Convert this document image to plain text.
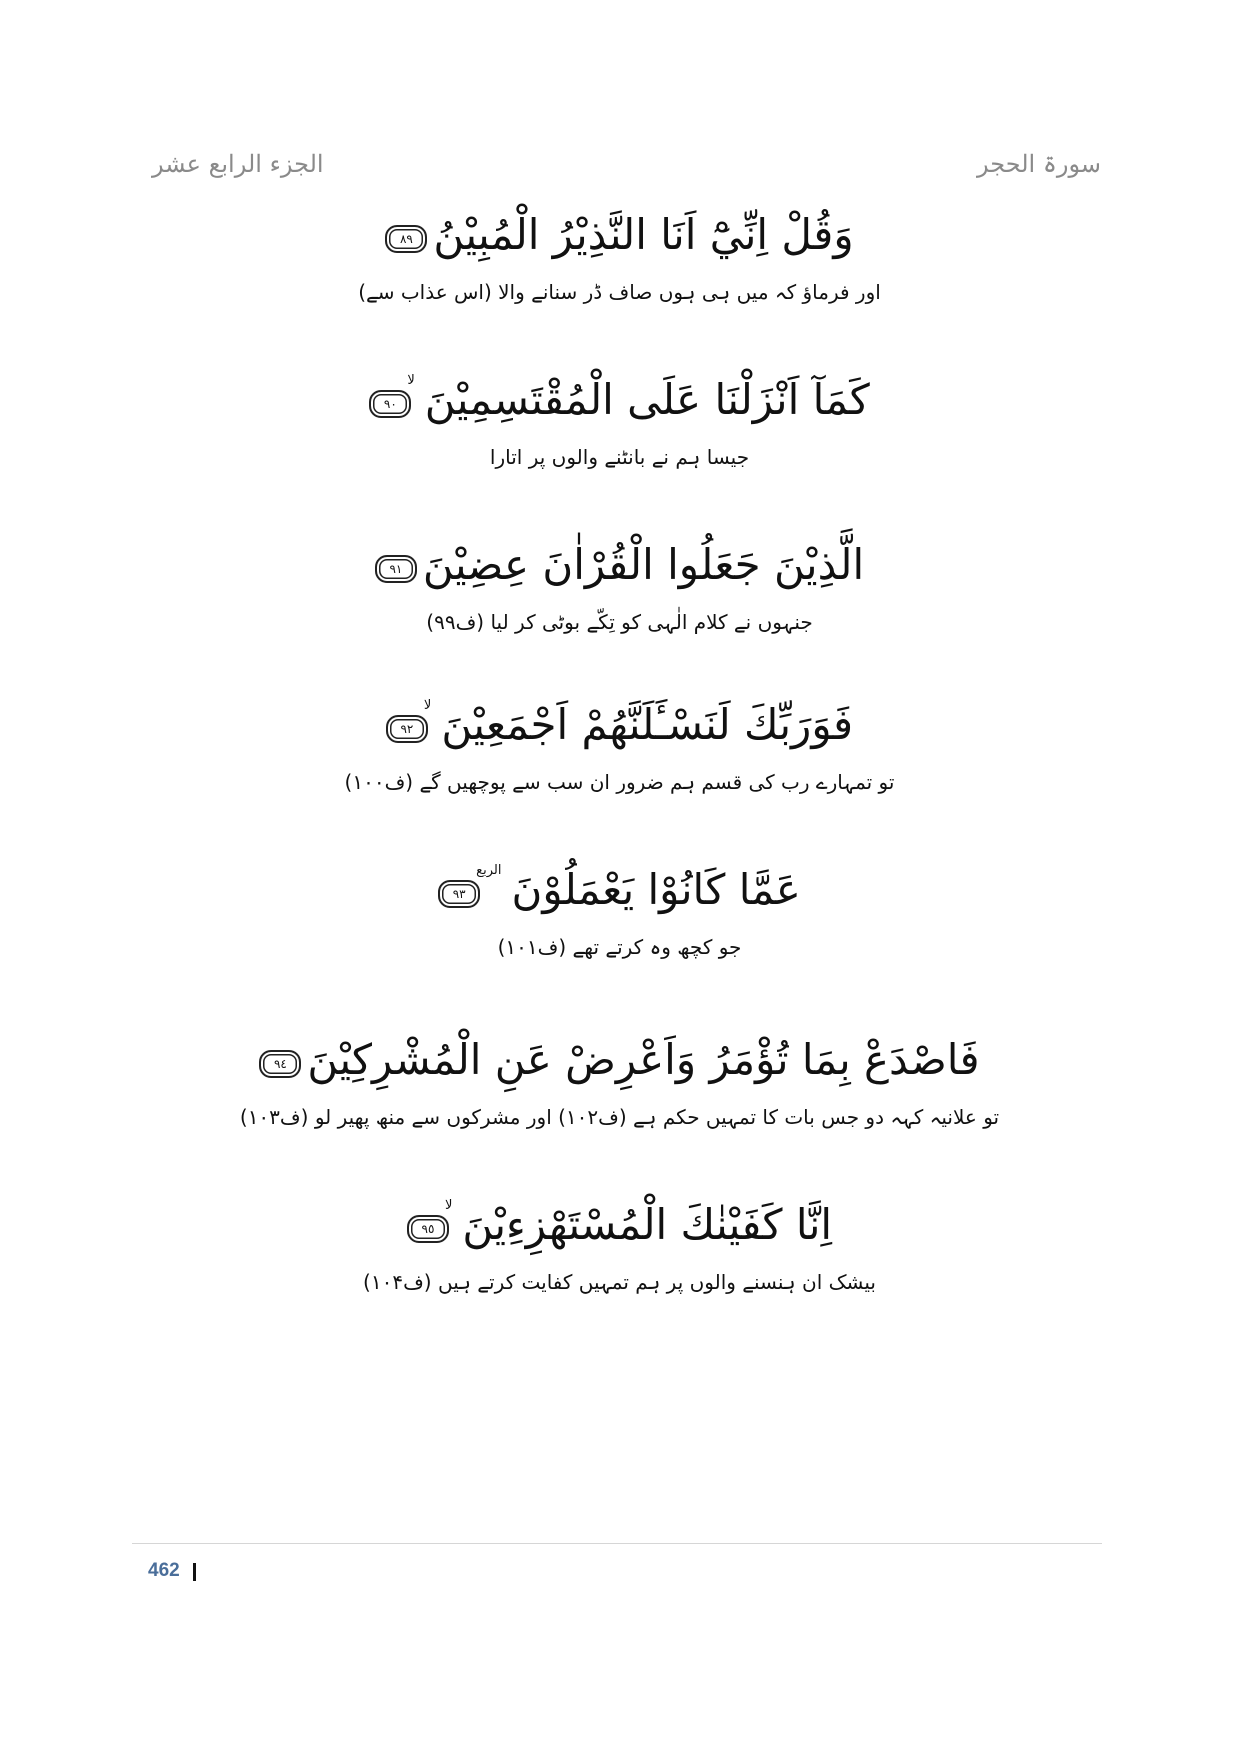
الجزء الرابع عشر	سورۃ الحجر
وَقُلْ اِنِّيْٓ اَنَا النَّذِيْرُ الْمُبِيْنُ
٨٩
اور فرماؤ کہ میں ہی ہوں صاف ڈر سنانے والا (اس عذاب سے)
كَمَآ اَنْزَلْنَا عَلَى الْمُقْتَسِمِيْنَ
لا
٩٠
جیسا ہم نے بانٹنے والوں پر اتارا
الَّذِيْنَ جَعَلُوا الْقُرْاٰنَ عِضِيْنَ
٩١
جنہوں نے کلام الٰہی کو تِکّے بوٹی کر لیا (ف۹۹)
فَوَرَبِّكَ لَنَسْـَٔلَنَّهُمْ اَجْمَعِيْنَ
لا
٩٢
تو تمہارے رب کی قسم ہم ضرور ان سب سے پوچھیں گے (ف۱۰۰)
عَمَّا كَانُوْا يَعْمَلُوْنَ
الربع
٩٣
جو کچھ وہ کرتے تھے (ف۱۰۱)
فَاصْدَعْ بِمَا تُؤْمَرُ وَاَعْرِضْ عَنِ الْمُشْرِكِيْنَ
٩٤
تو علانیہ کہہ دو جس بات کا تمہیں حکم ہے (ف۱۰۲) اور مشرکوں سے منھ پھیر لو (ف۱۰۳)
اِنَّا كَفَيْنٰكَ الْمُسْتَهْزِءِيْنَ
لا
٩٥
بیشک ان ہنسنے والوں پر ہم تمہیں کفایت کرتے ہیں (ف۱۰۴)
462
